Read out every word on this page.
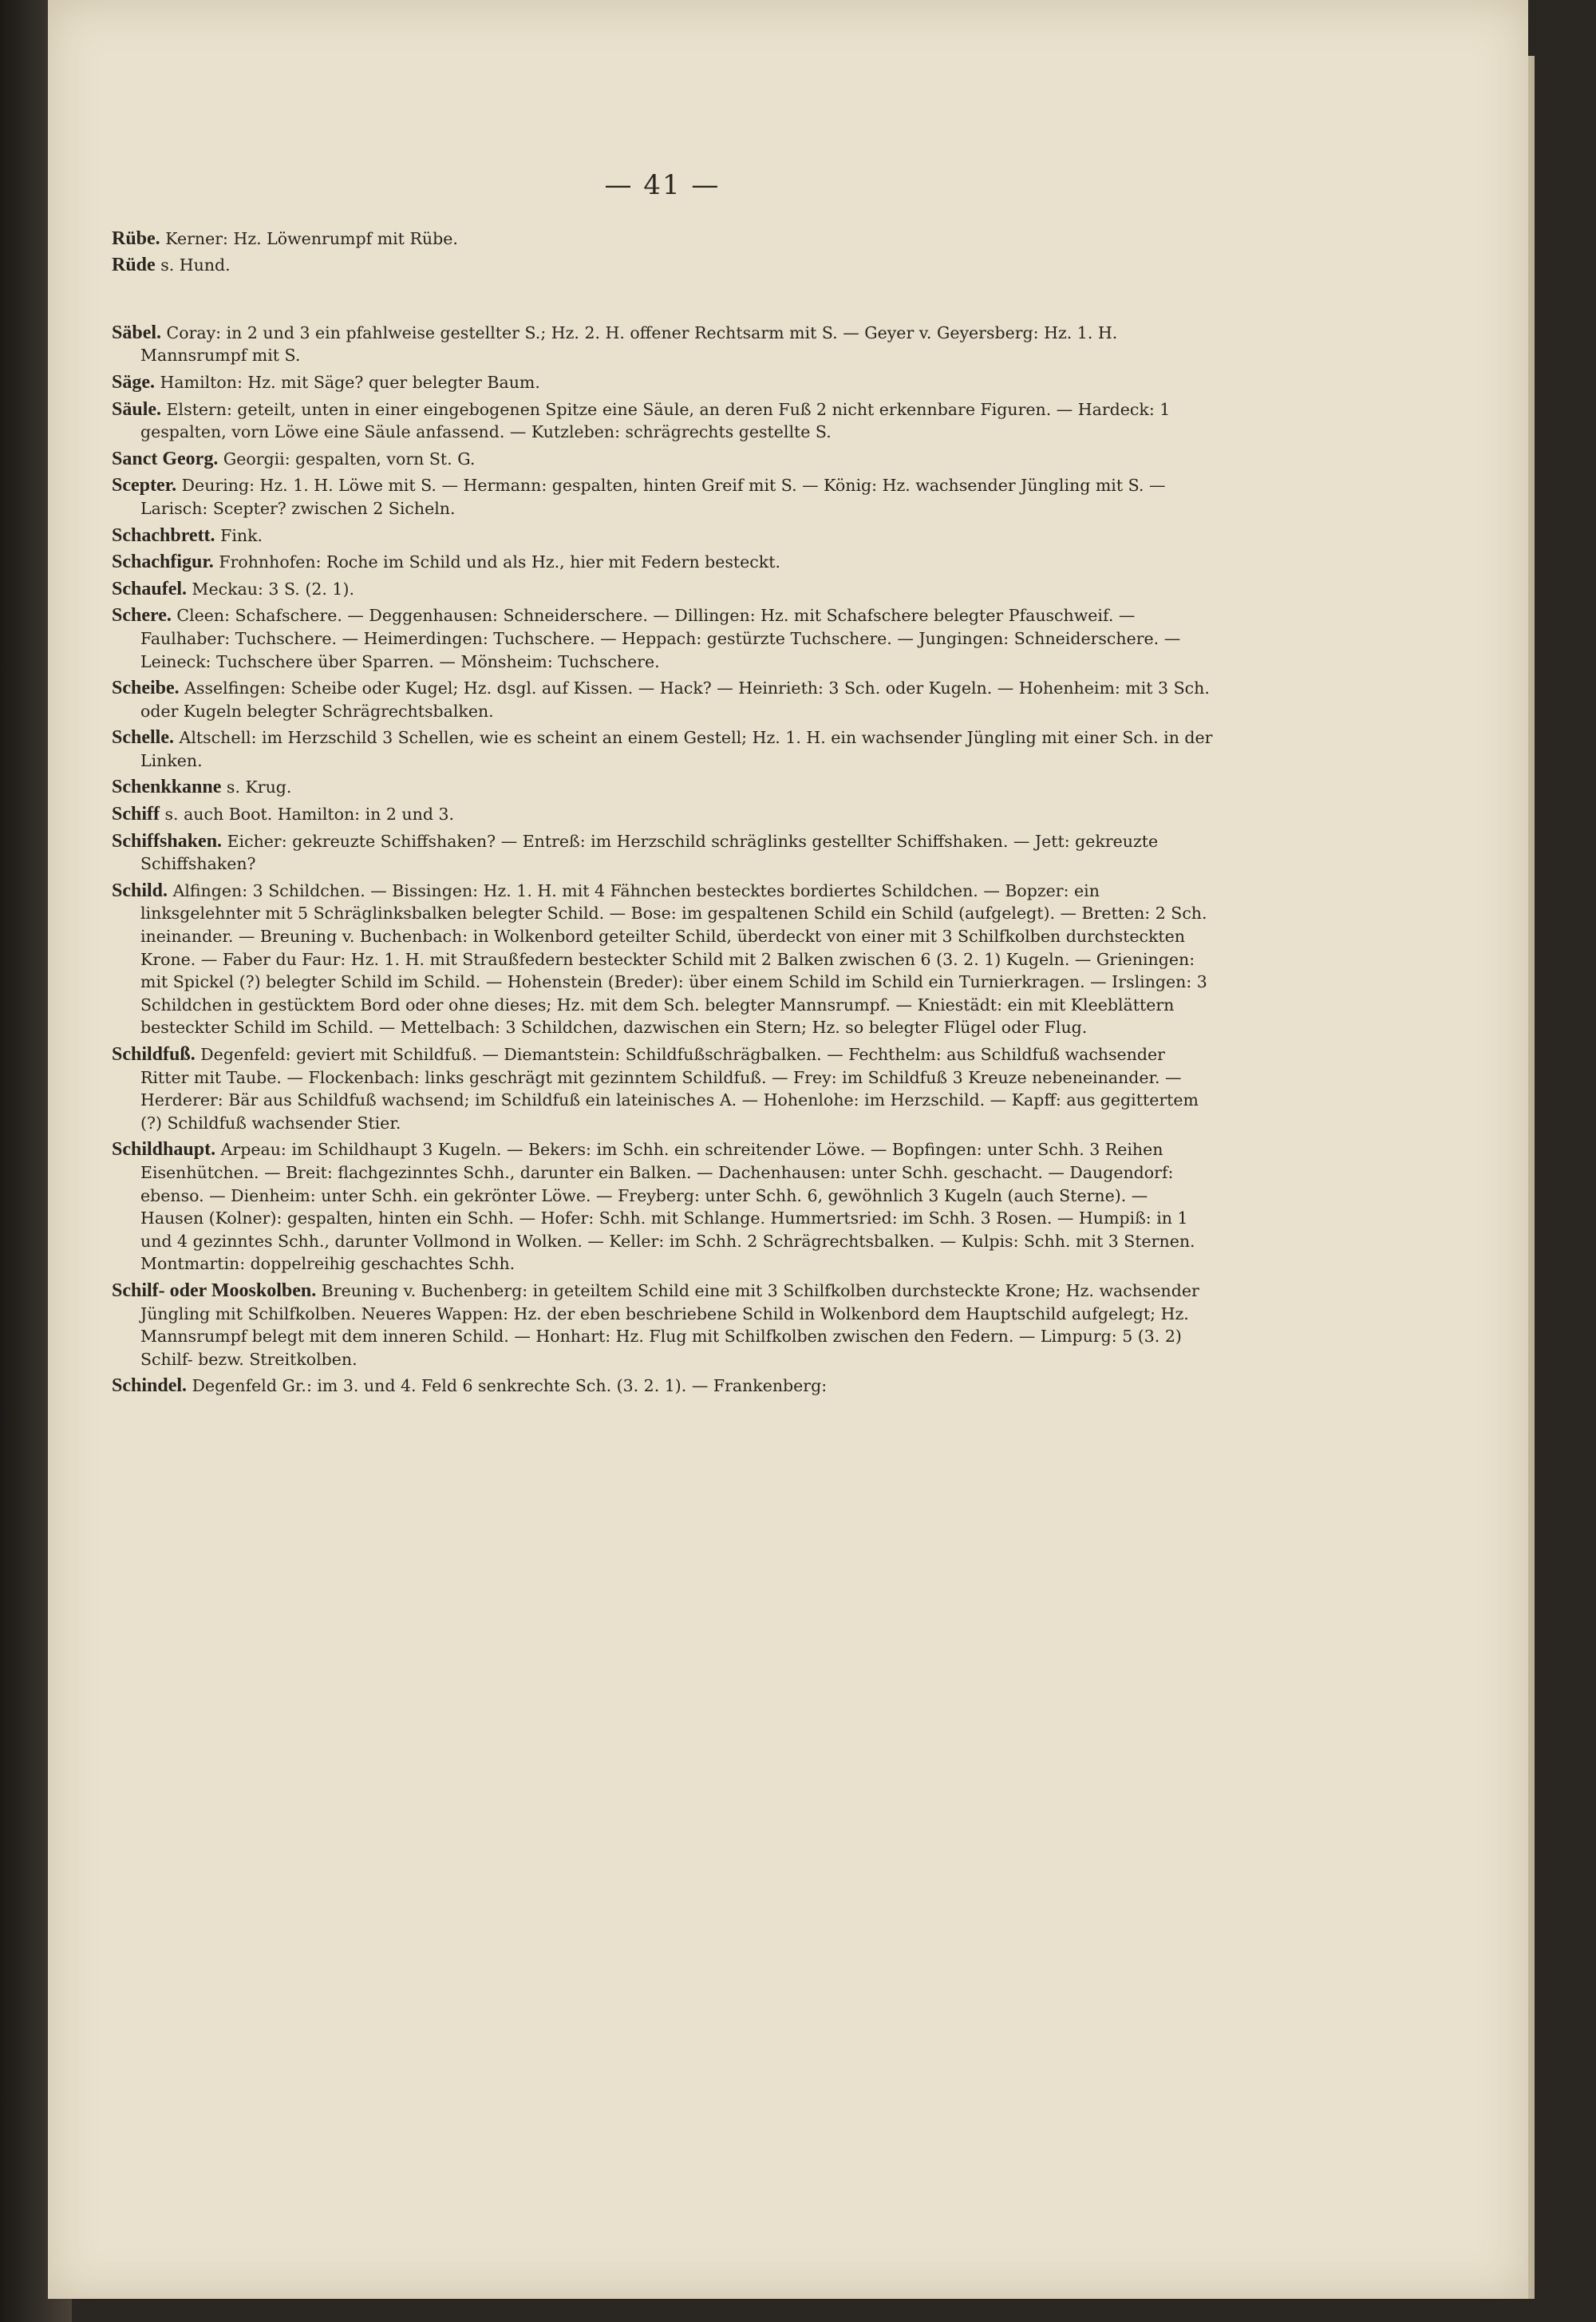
— 41 —

Rübe. Kerner: Hz. Löwenrumpf mit Rübe.

Rüde s. Hund.

Säbel. Coray: in 2 und 3 ein pfahlweise gestellter S.; Hz. 2. H. offener Rechtsarm mit S. — Geyer v. Geyersberg: Hz. 1. H. Mannsrumpf mit S.

Säge. Hamilton: Hz. mit Säge? quer belegter Baum.

Säule. Elstern: geteilt, unten in einer eingebogenen Spitze eine Säule, an deren Fuß 2 nicht erkennbare Figuren. — Hardeck: 1 gespalten, vorn Löwe eine Säule anfassend. — Kutzleben: schrägrechts gestellte S.

Sanct Georg. Georgii: gespalten, vorn St. G.

Scepter. Deuring: Hz. 1. H. Löwe mit S. — Hermann: gespalten, hinten Greif mit S. — König: Hz. wachsender Jüngling mit S. — Larisch: Scepter? zwischen 2 Sicheln.

Schachbrett. Fink.

Schachfigur. Frohnhofen: Roche im Schild und als Hz., hier mit Federn besteckt.

Schaufel. Meckau: 3 S. (2. 1).

Schere. Cleen: Schafschere. — Deggenhausen: Schneiderschere. — Dillingen: Hz. mit Schafschere belegter Pfauschweif. — Faulhaber: Tuchschere. — Heimerdingen: Tuchschere. — Heppach: gestürzte Tuchschere. — Jungingen: Schneiderschere. — Leineck: Tuchschere über Sparren. — Mönsheim: Tuchschere.

Scheibe. Asselfingen: Scheibe oder Kugel; Hz. dsgl. auf Kissen. — Hack? — Heinrieth: 3 Sch. oder Kugeln. — Hohenheim: mit 3 Sch. oder Kugeln belegter Schrägrechtsbalken.

Schelle. Altschell: im Herzschild 3 Schellen, wie es scheint an einem Gestell; Hz. 1. H. ein wachsender Jüngling mit einer Sch. in der Linken.

Schenkkanne s. Krug.

Schiff s. auch Boot. Hamilton: in 2 und 3.

Schiffshaken. Eicher: gekreuzte Schiffshaken? — Entreß: im Herzschild schräglinks gestellter Schiffshaken. — Jett: gekreuzte Schiffshaken?

Schild. Alfingen: 3 Schildchen. — Bissingen: Hz. 1. H. mit 4 Fähnchen bestecktes bordiertes Schildchen. — Bopzer: ein linksgelehnter mit 5 Schräglinksbalken belegter Schild. — Bose: im gespaltenen Schild ein Schild (aufgelegt). — Bretten: 2 Sch. ineinander. — Breuning v. Buchenbach: in Wolkenbord geteilter Schild, überdeckt von einer mit 3 Schilfkolben durchsteckten Krone. — Faber du Faur: Hz. 1. H. mit Straußfedern besteckter Schild mit 2 Balken zwischen 6 (3. 2. 1) Kugeln. — Grieningen: mit Spickel (?) belegter Schild im Schild. — Hohenstein (Breder): über einem Schild im Schild ein Turnierkragen. — Irslingen: 3 Schildchen in gestücktem Bord oder ohne dieses; Hz. mit dem Sch. belegter Mannsrumpf. — Kniestädt: ein mit Kleeblättern besteckter Schild im Schild. — Mettelbach: 3 Schildchen, dazwischen ein Stern; Hz. so belegter Flügel oder Flug.

Schildfuß. Degenfeld: geviert mit Schildfuß. — Diemantstein: Schildfußschrägbalken. — Fechthelm: aus Schildfuß wachsender Ritter mit Taube. — Flockenbach: links geschrägt mit gezinntem Schildfuß. — Frey: im Schildfuß 3 Kreuze nebeneinander. — Herderer: Bär aus Schildfuß wachsend; im Schildfuß ein lateinisches A. — Hohenlohe: im Herzschild. — Kapff: aus gegittertem (?) Schildfuß wachsender Stier.

Schildhaupt. Arpeau: im Schildhaupt 3 Kugeln. — Bekers: im Schh. ein schreitender Löwe. — Bopfingen: unter Schh. 3 Reihen Eisenhütchen. — Breit: flachgezinntes Schh., darunter ein Balken. — Dachenhausen: unter Schh. geschacht. — Daugendorf: ebenso. — Dienheim: unter Schh. ein gekrönter Löwe. — Freyberg: unter Schh. 6, gewöhnlich 3 Kugeln (auch Sterne). — Hausen (Kolner): gespalten, hinten ein Schh. — Hofer: Schh. mit Schlange. Hummertsried: im Schh. 3 Rosen. — Humpiß: in 1 und 4 gezinntes Schh., darunter Vollmond in Wolken. — Keller: im Schh. 2 Schrägrechtsbalken. — Kulpis: Schh. mit 3 Sternen. Montmartin: doppelreihig geschachtes Schh.

Schilf- oder Mooskolben. Breuning v. Buchenberg: in geteiltem Schild eine mit 3 Schilfkolben durchsteckte Krone; Hz. wachsender Jüngling mit Schilfkolben. Neueres Wappen: Hz. der eben beschriebene Schild in Wolkenbord dem Hauptschild aufgelegt; Hz. Mannsrumpf belegt mit dem inneren Schild. — Honhart: Hz. Flug mit Schilfkolben zwischen den Federn. — Limpurg: 5 (3. 2) Schilf- bezw. Streitkolben.

Schindel. Degenfeld Gr.: im 3. und 4. Feld 6 senkrechte Sch. (3. 2. 1). — Frankenberg:
